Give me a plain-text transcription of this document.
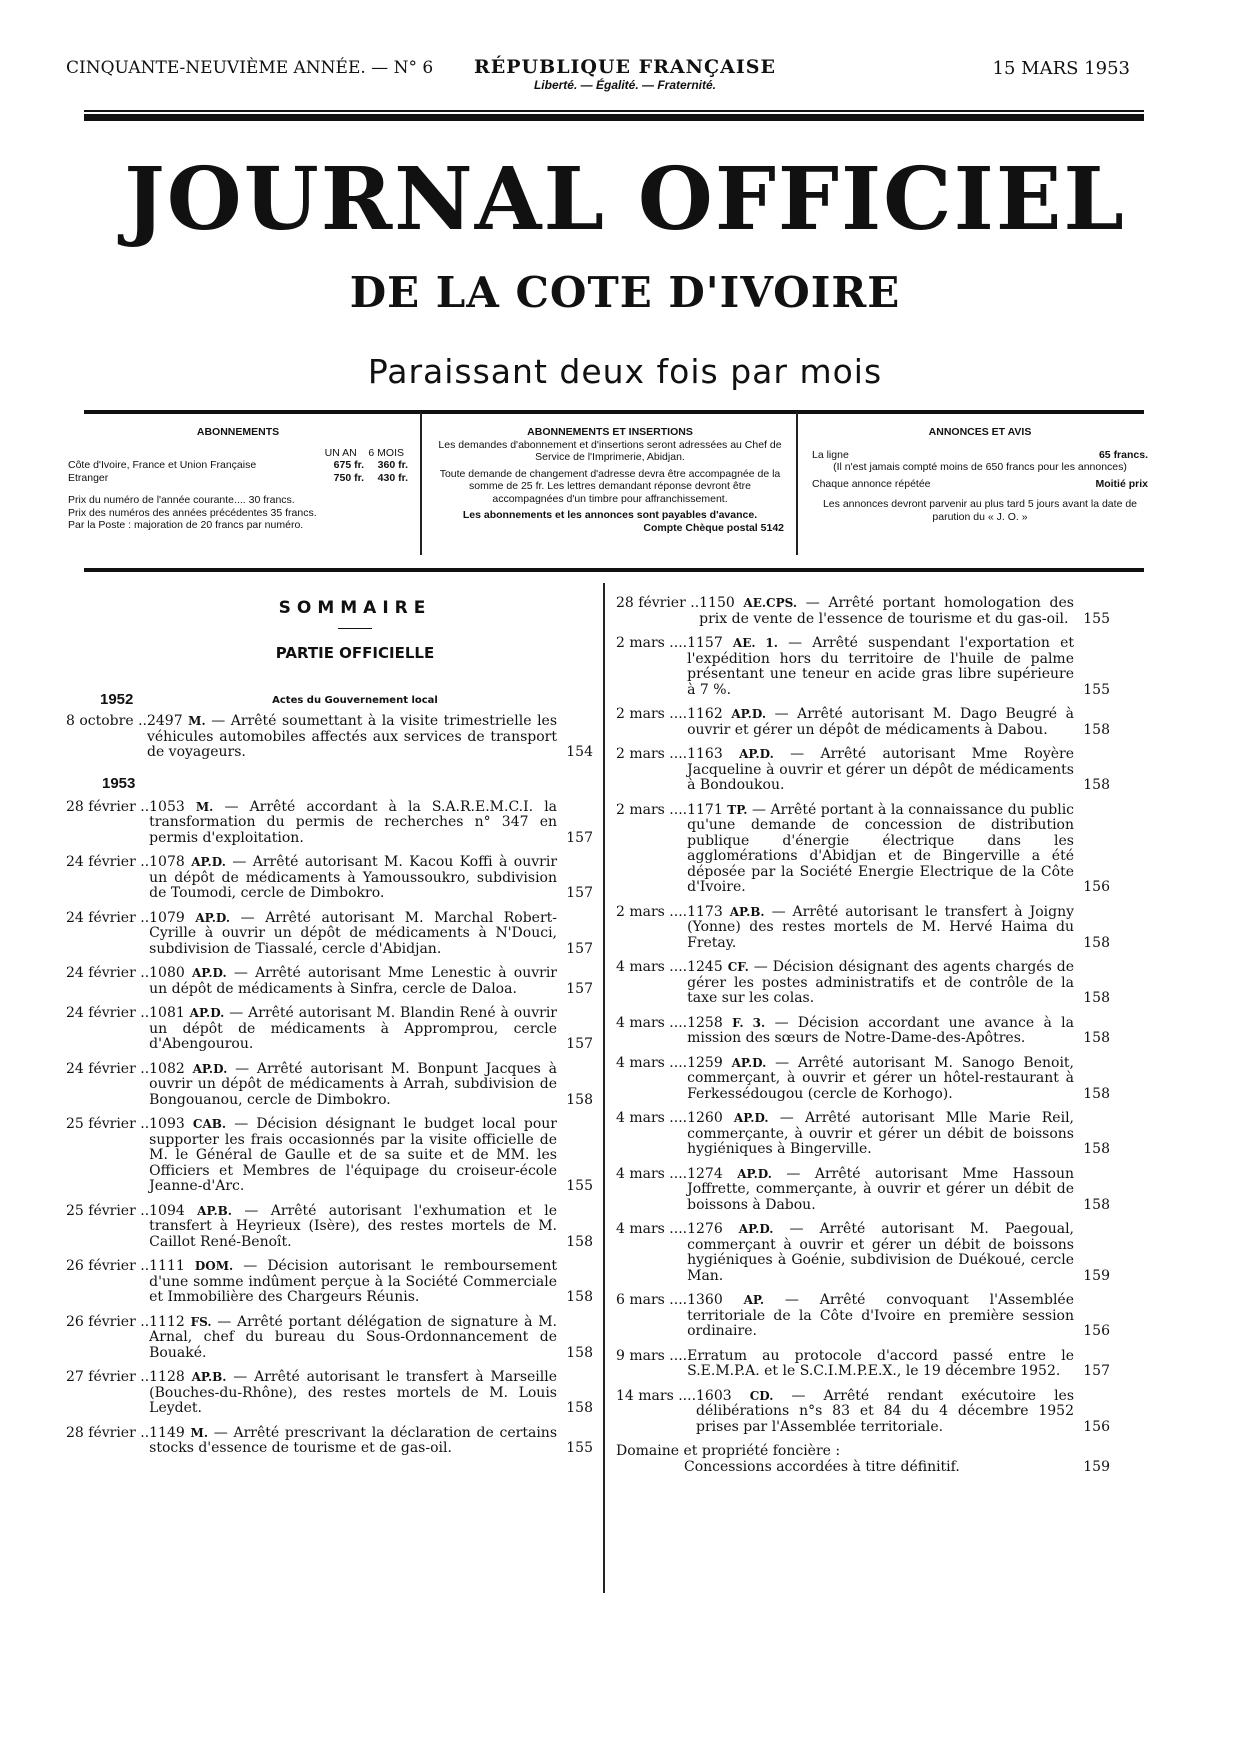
CINQUANTE-NEUVIÈME ANNÉE. — N° 6	RÉPUBLIQUE FRANÇAISE
Liberté. — Égalité. — Fraternité.
15 MARS 1953
JOURNAL OFFICIEL
DE LA COTE D'IVOIRE
Paraissant deux fois par mois
ABONNEMENTS
UN AN 6 MOIS
Côte d'Ivoire, France et Union Française	675 fr.	360 fr.
Etranger	750 fr.	430 fr.
Prix du numéro de l'année courante.... 30 francs.
Prix des numéros des années précédentes 35 francs.
Par la Poste : majoration de 20 francs par numéro.
ABONNEMENTS ET INSERTIONS
Les demandes d'abonnement et d'insertions seront adressées au Chef de Service de l'Imprimerie, Abidjan.
Toute demande de changement d'adresse devra être accompagnée de la somme de 25 fr. Les lettres demandant réponse devront être accompagnées d'un timbre pour affranchissement.
Les abonnements et les annonces sont payables d'avance.
Compte Chèque postal 5142
ANNONCES ET AVIS
La ligne	65 francs.
(Il n'est jamais compté moins de 650 francs pour les annonces)
Chaque annonce répétée	Moitié prix
Les annonces devront parvenir au plus tard 5 jours avant la date de parution du « J. O. »
SOMMAIRE
PARTIE OFFICIELLE
1952	Actes du Gouvernement local
8 octobre .. 2497 M. — Arrêté soumettant à la visite trimestrielle les véhicules automobiles affectés aux services de transport de voyageurs.	154
1953
28 février .. 1053 M. — Arrêté accordant à la S.A.R.E.M.C.I. la transformation du permis de recherches n° 347 en permis d'exploitation.	157
24 février .. 1078 AP.D. — Arrêté autorisant M. Kacou Koffi à ouvrir un dépôt de médicaments à Yamoussoukro, subdivision de Toumodi, cercle de Dimbokro.	157
24 février .. 1079 AP.D. — Arrêté autorisant M. Marchal Robert-Cyrille à ouvrir un dépôt de médicaments à N'Douci, subdivision de Tiassalé, cercle d'Abidjan.	157
24 février .. 1080 AP.D. — Arrêté autorisant Mme Lenestic à ouvrir un dépôt de médicaments à Sinfra, cercle de Daloa.	157
24 février .. 1081 AP.D. — Arrêté autorisant M. Blandin René à ouvrir un dépôt de médicaments à Appromprou, cercle d'Abengourou.	157
24 février .. 1082 AP.D. — Arrêté autorisant M. Bonpunt Jacques à ouvrir un dépôt de médicaments à Arrah, subdivision de Bongouanou, cercle de Dimbokro.	158
25 février .. 1093 CAB. — Décision désignant le budget local pour supporter les frais occasionnés par la visite officielle de M. le Général de Gaulle et de sa suite et de MM. les Officiers et Membres de l'équipage du croiseur-école Jeanne-d'Arc.	155
25 février .. 1094 AP.B. — Arrêté autorisant l'exhumation et le transfert à Heyrieux (Isère), des restes mortels de M. Caillot René-Benoît.	158
26 février .. 1111 DOM. — Décision autorisant le remboursement d'une somme indûment perçue à la Société Commerciale et Immobilière des Chargeurs Réunis.	158
26 février .. 1112 FS. — Arrêté portant délégation de signature à M. Arnal, chef du bureau du Sous-Ordonnancement de Bouaké.	158
27 février .. 1128 AP.B. — Arrêté autorisant le transfert à Marseille (Bouches-du-Rhône), des restes mortels de M. Louis Leydet.	158
28 février .. 1149 M. — Arrêté prescrivant la déclaration de certains stocks d'essence de tourisme et de gas-oil.	155
28 février .. 1150 AE.CPS. — Arrêté portant homologation des prix de vente de l'essence de tourisme et du gas-oil.	155
2 mars .... 1157 AE. 1. — Arrêté suspendant l'exportation et l'expédition hors du territoire de l'huile de palme présentant une teneur en acide gras libre supérieure à 7 %.	155
2 mars .... 1162 AP.D. — Arrêté autorisant M. Dago Beugré à ouvrir et gérer un dépôt de médicaments à Dabou.	158
2 mars .... 1163 AP.D. — Arrêté autorisant Mme Royère Jacqueline à ouvrir et gérer un dépôt de médicaments à Bondoukou.	158
2 mars .... 1171 TP. — Arrêté portant à la connaissance du public qu'une demande de concession de distribution publique d'énergie électrique dans les agglomérations d'Abidjan et de Bingerville a été déposée par la Société Energie Electrique de la Côte d'Ivoire.	156
2 mars .... 1173 AP.B. — Arrêté autorisant le transfert à Joigny (Yonne) des restes mortels de M. Hervé Haima du Fretay.	158
4 mars .... 1245 CF. — Décision désignant des agents chargés de gérer les postes administratifs et de contrôle de la taxe sur les colas.	158
4 mars .... 1258 F. 3. — Décision accordant une avance à la mission des sœurs de Notre-Dame-des-Apôtres.	158
4 mars .... 1259 AP.D. — Arrêté autorisant M. Sanogo Benoit, commerçant, à ouvrir et gérer un hôtel-restaurant à Ferkessédougou (cercle de Korhogo).	158
4 mars .... 1260 AP.D. — Arrêté autorisant Mlle Marie Reil, commerçante, à ouvrir et gérer un débit de boissons hygiéniques à Bingerville.	158
4 mars .... 1274 AP.D. — Arrêté autorisant Mme Hassoun Joffrette, commerçante, à ouvrir et gérer un débit de boissons à Dabou.	158
4 mars .... 1276 AP.D. — Arrêté autorisant M. Paegoual, commerçant à ouvrir et gérer un débit de boissons hygiéniques à Goénie, subdivision de Duékoué, cercle Man.	159
6 mars .... 1360 AP. — Arrêté convoquant l'Assemblée territoriale de la Côte d'Ivoire en première session ordinaire.	156
9 mars .... Erratum au protocole d'accord passé entre le S.E.M.P.A. et le S.C.I.M.P.E.X., le 19 décembre 1952.	157
14 mars .... 1603 CD. — Arrêté rendant exécutoire les délibérations n°s 83 et 84 du 4 décembre 1952 prises par l'Assemblée territoriale.	156
Domaine et propriété foncière :
Concessions accordées à titre définitif.	159
